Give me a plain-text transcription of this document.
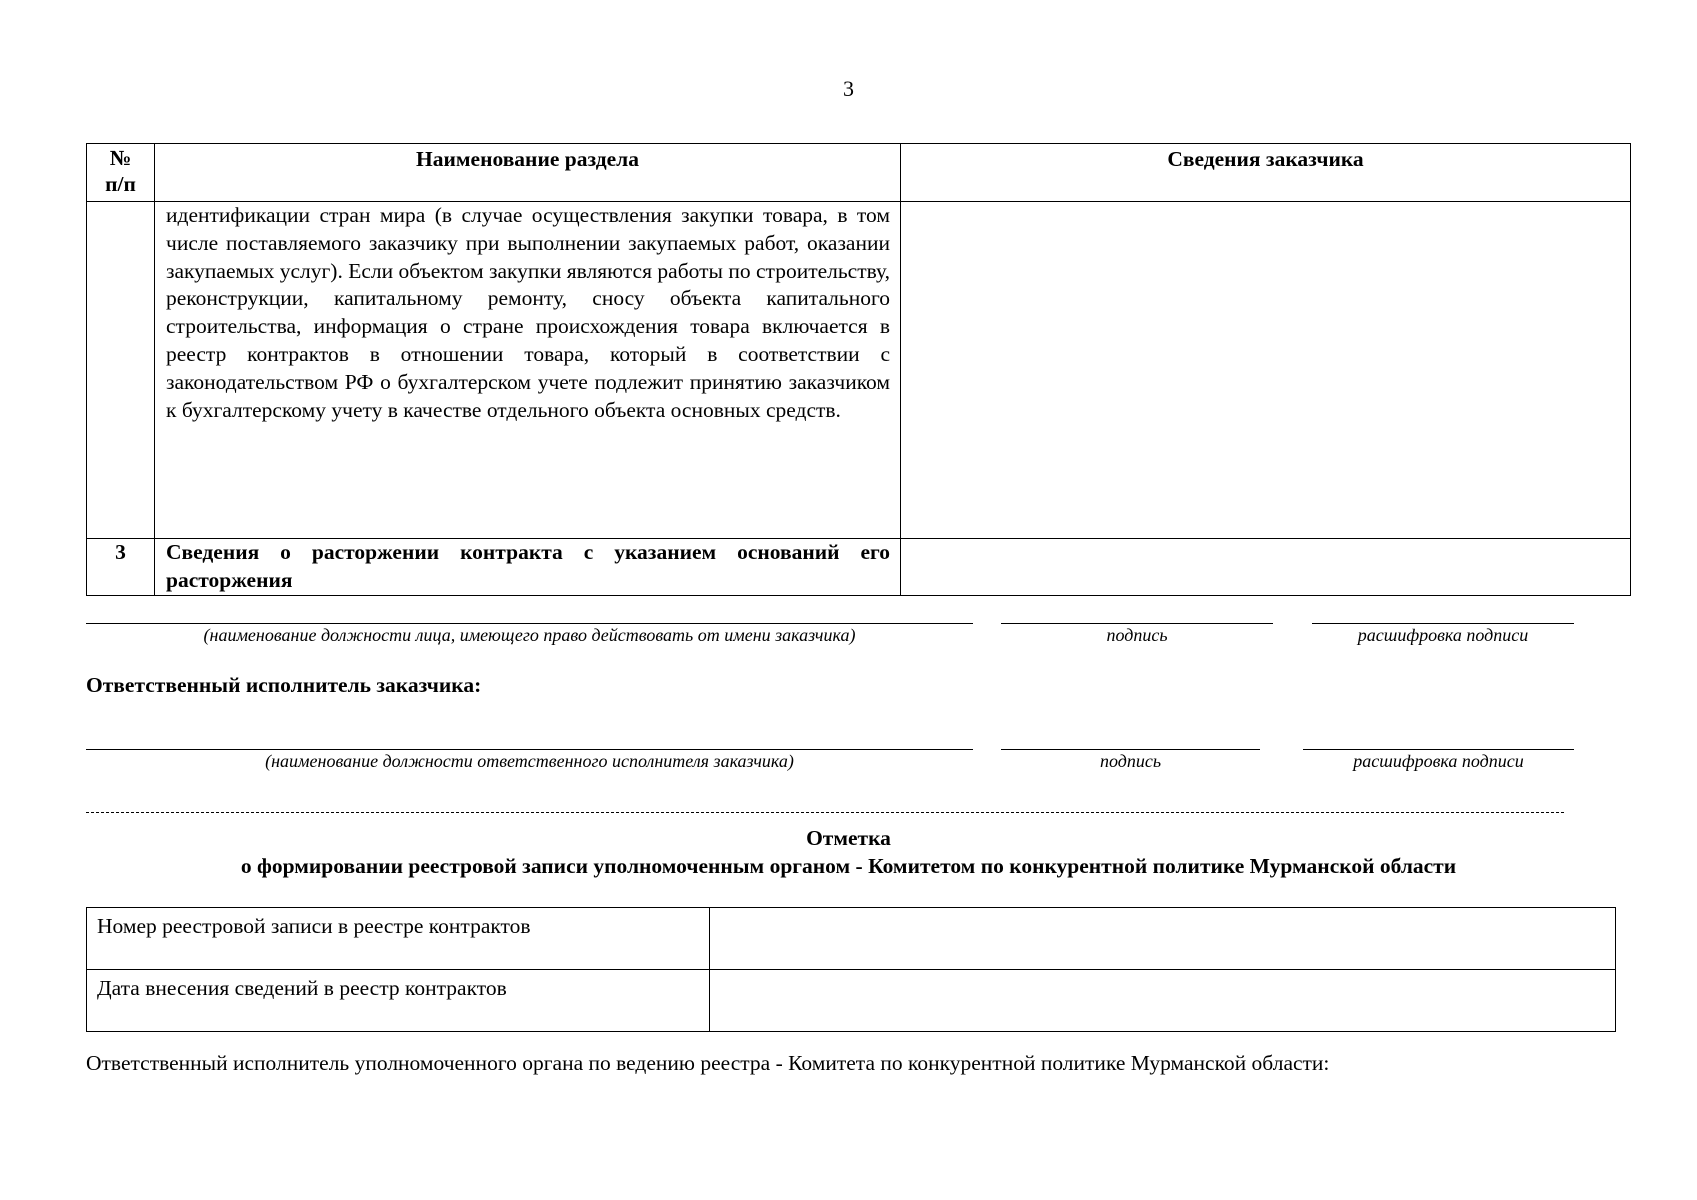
3
№
п/п	Наименование раздела	Сведения заказчика
	идентификации стран мира (в случае осуществления закупки товара, в том числе поставляемого заказчику при выполнении закупаемых работ, оказании закупаемых услуг). Если объектом закупки являются работы по строительству, реконструкции, капитальному ремонту, сносу объекта капитального строительства, информация о стране происхождения товара включается в реестр контрактов в отношении товара, который в соответствии с законодательством РФ о бухгалтерском учете подлежит принятию заказчиком к бухгалтерскому учету в качестве отдельного объекта основных средств.	
3	Сведения о расторжении контракта с указанием оснований его расторжения	
(наименование должности лица, имеющего право действовать от имени заказчика)	подпись	расшифровка подписи
Ответственный исполнитель заказчика:
(наименование должности ответственного исполнителя заказчика)	подпись	расшифровка подписи
Отметка
о формировании реестровой записи уполномоченным органом - Комитетом по конкурентной политике Мурманской области
Номер реестровой записи в реестре контрактов	
Дата внесения сведений в реестр контрактов	
Ответственный исполнитель уполномоченного органа по ведению реестра - Комитета по конкурентной политике Мурманской области:
